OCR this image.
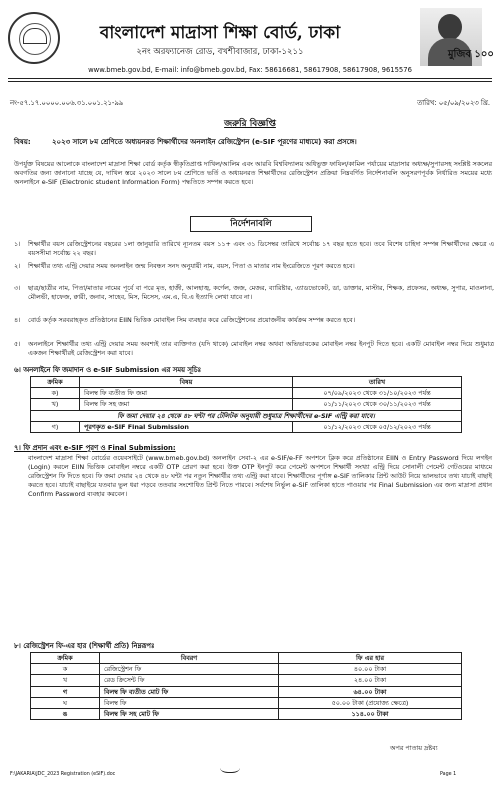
বাংলাদেশ মাদ্রাসা শিক্ষা বোর্ড, ঢাকা
২নং অরফ্যানেজ রোড, বখশীবাজার, ঢাকা-১২১১	মুজিব ১০০
www.bmeb.gov.bd, E-mail: info@bmeb.gov.bd, Fax: 58616681, 58617908, 58617908, 9615576
নং-৫৭.১৭.০০০০.০০৬.৩১.০০১.২১-৯৯	তারিখ: ০৫/০৯/২০২৩ খ্রি.
জরুরি বিজ্ঞপ্তি
বিষয়:	২০২৩ সালে ৮ম শ্রেণিতে অধ্যয়নরত শিক্ষার্থীদের অনলাইন রেজিস্ট্রেশন (e-SIF পূরণের মাধ্যমে) করা প্রসঙ্গে।
উপর্যুক্ত বিষয়ের আলোকে বাংলাদেশ মাদ্রাসা শিক্ষা বোর্ড কর্তৃক স্বীকৃতিপ্রাপ্ত দাখিল/আলিম এবং আরবি বিশ্ববিদ্যালয় অধিভুক্ত ফাযিল/কামিল পর্যায়ের মাদ্রাসার অধ্যক্ষ/সুপারসহ সংশ্লিষ্ট সকলের অবগতির জন্য জানানো যাচ্ছে যে, দাখিল স্তরে ২০২৩ সালে ৮ম শ্রেণিতে ভর্তি ও অধ্যয়নরত শিক্ষার্থীদের রেজিস্ট্রেশন প্রক্রিয়া নিম্নবর্ণিত নির্দেশনাবলি অনুসরণপূর্বক নির্ধারিত সময়ের মধ্যে অনলাইনে e-SIF (Electronic student Information Form) পদ্ধতিতে সম্পন্ন করতে হবে।
নির্দেশনাবলি
১।	শিক্ষার্থীর বয়স রেজিস্ট্রেশনের বছরের ১লা জানুয়ারি তারিখে ন্যূনতম বয়স ১১+ এবং ৩১ ডিসেম্বর তারিখে সর্বোচ্চ ১৭ বছর হতে হবে। তবে বিশেষ চাহিদা সম্পন্ন শিক্ষার্থীদের ক্ষেত্রে এ বয়সসীমা সর্বোচ্চ ২২ বছর।
২।	শিক্ষার্থীর তথ্য এন্ট্রি দেয়ার সময় অনলাইন জন্ম নিবন্ধন সনদ অনুযায়ী নাম, বয়স, পিতা ও মাতার নাম ইংরেজিতে পূরণ করতে হবে।
৩।	ছাত্র/ছাত্রীর নাম, পিতা/মাতার নামের পূর্বে বা পরে মৃত, হাজী, আলহাজ্ব, কর্ণেল, জজ, মেজর, ব্যারিষ্টার, এ্যাডভোকেট, ডা, ডাক্তার, মাস্টার, শিক্ষক, প্রফেসর, অধ্যক্ষ, সুপার, মাওলানা, মৌলভী, হাফেজ, ক্বারী, জনাব, সাহেব, মিস, মিসেস, এম.এ, বি.এ ইত্যাদি লেখা যাবে না।
৪।	বোর্ড কর্তৃক সরবরাহকৃত প্রতিষ্ঠানের EIIN ভিত্তিক মোবাইল সিম ব্যবহার করে রেজিস্ট্রেশনের প্রয়োজনীয় কার্যক্রম সম্পন্ন করতে হবে।
৫।	অনলাইনে শিক্ষার্থীর তথ্য এন্ট্রি দেয়ার সময় অবশ্যই তার ব্যক্তিগত (যদি থাকে) মোবাইল নম্বর অথবা অভিভাবকের মোবাইল নম্বর ইনপুট দিতে হবে। একটি মোবাইল নম্বর দিয়ে শুধুমাত্র একজন শিক্ষার্থীরই রেজিস্ট্রেশন করা যাবে।
৬। অনলাইনে ফি জমাদান ও e-SIF Submission এর সময় সূচিঃ
ক্রমিক	বিষয়	তারিখ
ক)	বিলম্ব ফি ব্যতীত ফি জমা	০৭/০৯/২০২৩ থেকে ৩১/১০/২০২৩ পর্যন্ত
খ)	বিলম্ব ফি সহ জমা	০১/১১/২০২৩ থেকে ৩০/১১/২০২৩ পর্যন্ত
ফি জমা দেয়ার ২৪ থেকে ৪৮ ঘন্টা পর টেলিটক অনুযায়ী শুধুমাত্র শিক্ষার্থীদের e-SIF এন্ট্রি করা যাবে।		
গ)	পূরণকৃত e-SIF Final Submission	০১/১২/২০২৩ থেকে ০৫/১২/২০২৩ পর্যন্ত
৭। ফি প্রদান এবং e-SIF পূরণ ও Final Submission:
বাংলাদেশ মাদ্রাসা শিক্ষা বোর্ডের ওয়েবসাইটে (www.bmeb.gov.bd) অনলাইন সেবা-২ এর e-SIF/e-FF অপশনে ক্লিক করে প্রতিষ্ঠানের EIIN ও Entry Password দিয়ে লগইন (Login) করলে EIIN ভিত্তিক মোবাইল নম্বরে একটি OTP প্রেরণ করা হবে। উক্ত OTP ইনপুট করে পেমেন্ট অপশনে শিক্ষার্থী সংখ্যা এন্ট্রি দিয়ে সোনালী পেমেন্ট গেটওয়ের মাধ্যমে রেজিস্ট্রেশন ফি দিতে হবে। ফি জমা দেয়ার ২৪ থেকে ৪৮ ঘন্টা পর নতুন শিক্ষার্থীর তথ্য এন্ট্রি করা যাবে। শিক্ষার্থীদের পূর্ণাঙ্গ e-SIF তালিকার প্রিন্ট আউট নিয়ে ভালভাবে তথ্য যাচাই বাছাই করতে হবে। যাচাই বাছাইয়ে যতবার ভুল ধরা পড়বে ততবার সংশোধিত প্রিন্ট নিতে পারবে। সর্বশেষ নির্ভুল e-SIF তালিকা হাতে পাওয়ার পর Final Submission এর জন্য মাদ্রাসা প্রধান Confirm Password ব্যবহার করবেন।
৮। রেজিস্ট্রেশন ফি-এর হার (শিক্ষার্থী প্রতি) নিম্নরূপঃ
ক্রমিক	বিবরণ	ফি এর হার
ক	রেজিস্ট্রেশন ফি	৪০.০০ টাকা
খ	রেড ক্রিসেন্ট ফি	২৪.০০ টাকা
গ	বিলম্ব ফি ব্যতীত মোট ফি	৬৪.০০ টাকা
ঘ	বিলম্ব ফি	৫০.০০ টাকা (প্রযোজ্য ক্ষেত্রে)
ঙ	বিলম্ব ফি সহ মোট ফি	১১৪.০০ টাকা
অপর পাতায় দ্রষ্টব্য
F:\JAKARIA\JDC_2023 Registration (eSIF).doc	Page 1
